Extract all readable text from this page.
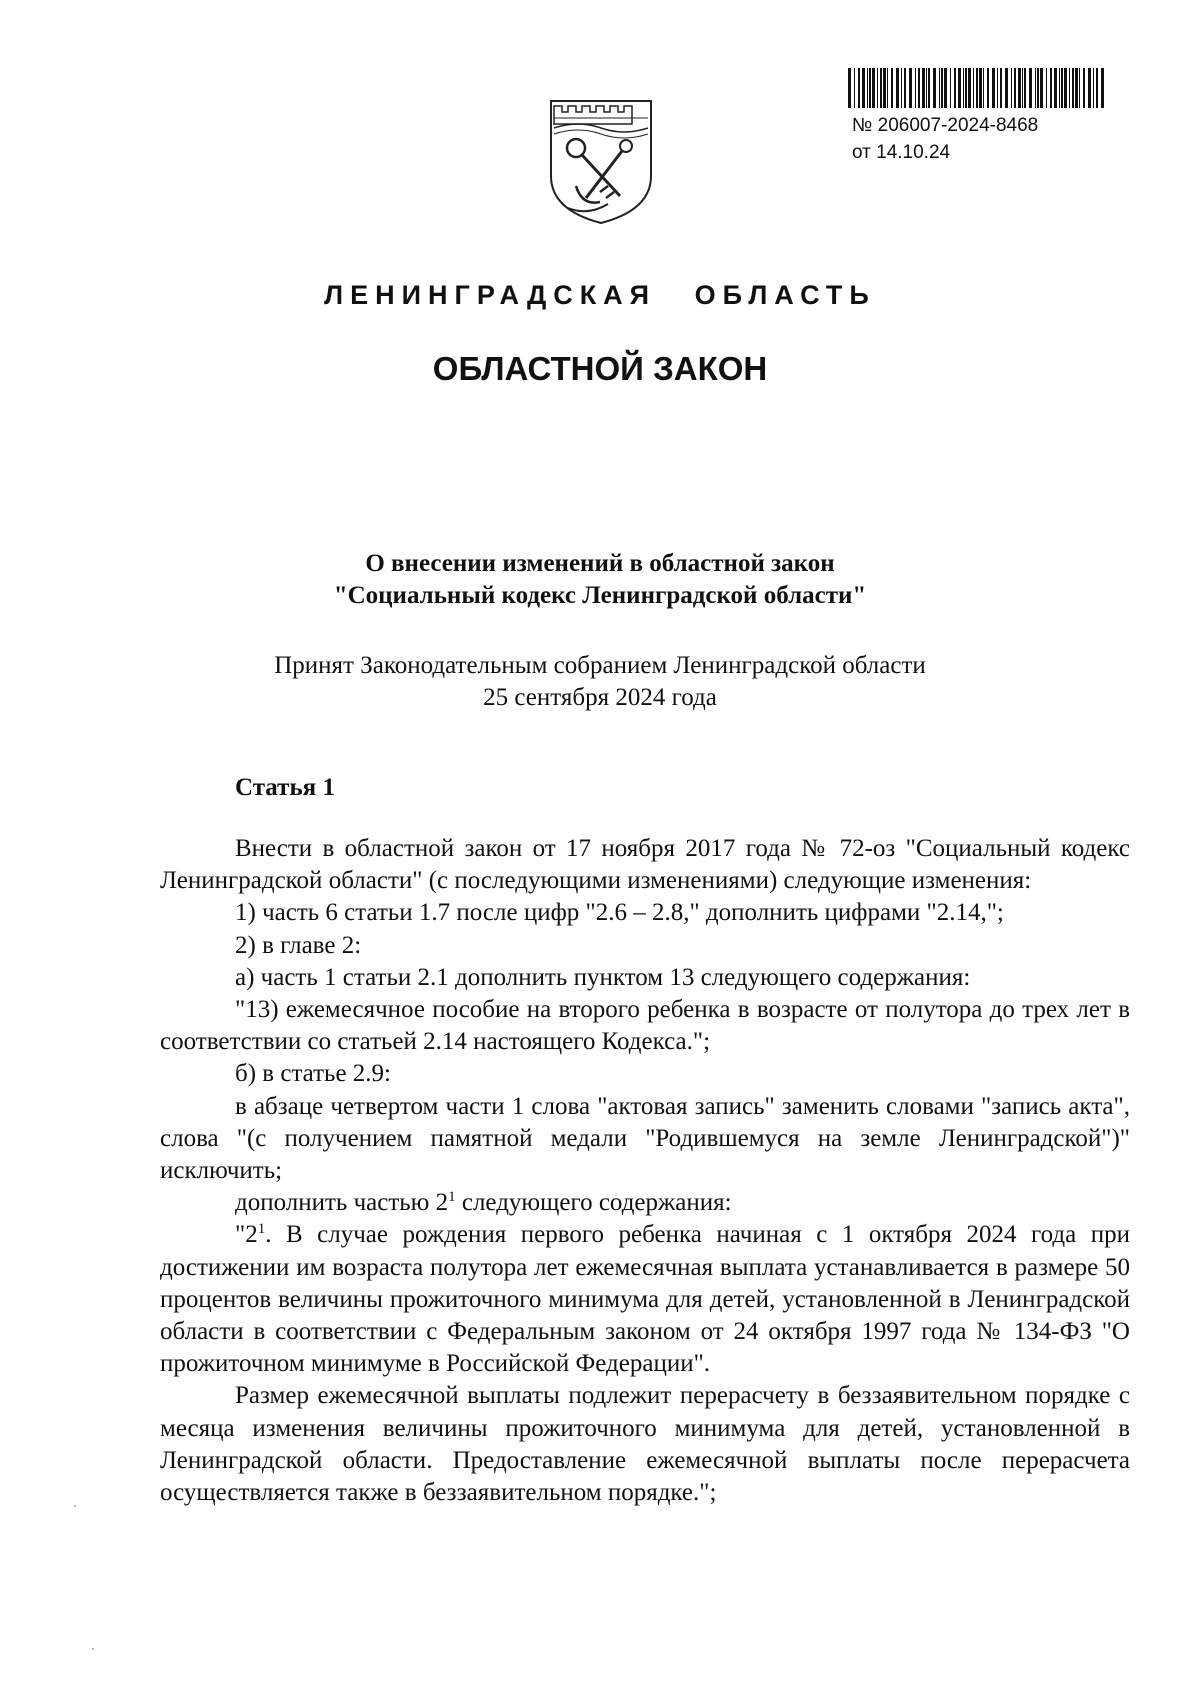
№ 206007-2024-8468
от 14.10.24
ЛЕНИНГРАДСКАЯ ОБЛАСТЬ
ОБЛАСТНОЙ ЗАКОН
О внесении изменений в областной закон
"Социальный кодекс Ленинградской области"
Принят Законодательным собранием Ленинградской области
25 сентября 2024 года
Статья 1

Внести в областной закон от 17 ноября 2017 года № 72-оз "Социальный кодекс Ленинградской области" (с последующими изменениями) следующие изменения:

1) часть 6 статьи 1.7 после цифр "2.6 – 2.8," дополнить цифрами "2.14,";

2) в главе 2:

а) часть 1 статьи 2.1 дополнить пунктом 13 следующего содержания:

"13) ежемесячное пособие на второго ребенка в возрасте от полутора до трех лет в соответствии со статьей 2.14 настоящего Кодекса.";

б) в статье 2.9:

в абзаце четвертом части 1 слова "актовая запись" заменить словами "запись акта", слова "(с получением памятной медали "Родившемуся на земле Ленинградской")" исключить;

дополнить частью $2^1$ следующего содержания:

"$2^1$. В случае рождения первого ребенка начиная с 1 октября 2024 года при достижении им возраста полутора лет ежемесячная выплата устанавливается в размере 50 процентов величины прожиточного минимума для детей, установленной в Ленинградской области в соответствии с Федеральным законом от 24 октября 1997 года № 134-ФЗ "О прожиточном минимуме в Российской Федерации".

Размер ежемесячной выплаты подлежит перерасчету в беззаявительном порядке с месяца изменения величины прожиточного минимума для детей, установленной в Ленинградской области. Предоставление ежемесячной выплаты после перерасчета осуществляется также в беззаявительном порядке.";
